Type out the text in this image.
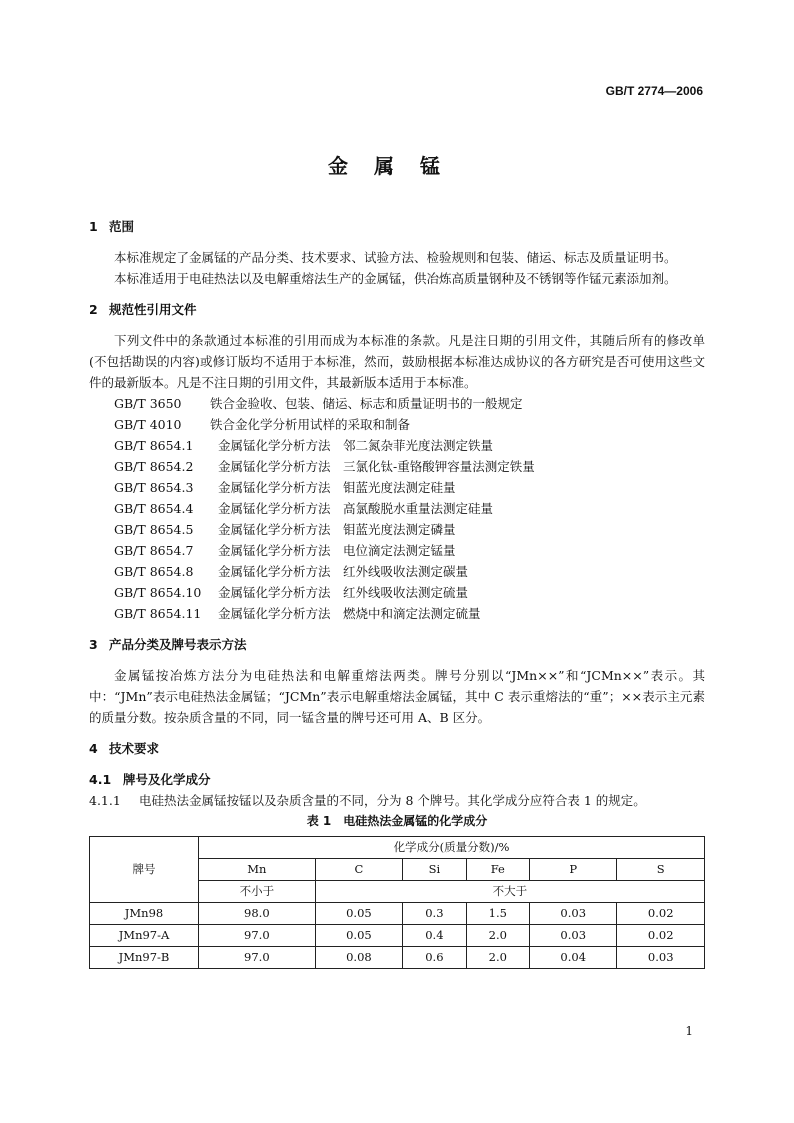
GB/T 2774—2006
金属锰

1 范围

本标准规定了金属锰的产品分类、技术要求、试验方法、检验规则和包装、储运、标志及质量证明书。

本标准适用于电硅热法以及电解重熔法生产的金属锰，供冶炼高质量钢种及不锈钢等作锰元素添加剂。

2 规范性引用文件

下列文件中的条款通过本标准的引用而成为本标准的条款。凡是注日期的引用文件，其随后所有的修改单(不包括勘误的内容)或修订版均不适用于本标准，然而，鼓励根据本标准达成协议的各方研究是否可使用这些文件的最新版本。凡是不注日期的引用文件，其最新版本适用于本标准。

GB/T 3650 铁合金验收、包装、储运、标志和质量证明书的一般规定

GB/T 4010 铁合金化学分析用试样的采取和制备

GB/T 8654.1 金属锰化学分析方法　邻二氮杂菲光度法测定铁量

GB/T 8654.2 金属锰化学分析方法　三氯化钛-重铬酸钾容量法测定铁量

GB/T 8654.3 金属锰化学分析方法　钼蓝光度法测定硅量

GB/T 8654.4 金属锰化学分析方法　高氯酸脱水重量法测定硅量

GB/T 8654.5 金属锰化学分析方法　钼蓝光度法测定磷量

GB/T 8654.7 金属锰化学分析方法　电位滴定法测定锰量

GB/T 8654.8 金属锰化学分析方法　红外线吸收法测定碳量

GB/T 8654.10 金属锰化学分析方法　红外线吸收法测定硫量

GB/T 8654.11 金属锰化学分析方法　燃烧中和滴定法测定硫量

3 产品分类及牌号表示方法

金属锰按冶炼方法分为电硅热法和电解重熔法两类。牌号分别以“JMn××”和“JCMn××”表示。其中：“JMn”表示电硅热法金属锰；“JCMn”表示电解重熔法金属锰，其中 C 表示重熔法的“重”；××表示主元素的质量分数。按杂质含量的不同，同一锰含量的牌号还可用 A、B 区分。

4 技术要求

4.1 牌号及化学成分

4.1.1 电硅热法金属锰按锰以及杂质含量的不同，分为 8 个牌号。其化学成分应符合表 1 的规定。

表 1　电硅热法金属锰的化学成分
牌号	化学成分(质量分数)/%					
	Mn	C	Si	Fe	P	S
	不小于	不大于				
JMn98	98.0	0.05	0.3	1.5	0.03	0.02
JMn97-A	97.0	0.05	0.4	2.0	0.03	0.02
JMn97-B	97.0	0.08	0.6	2.0	0.04	0.03
1
